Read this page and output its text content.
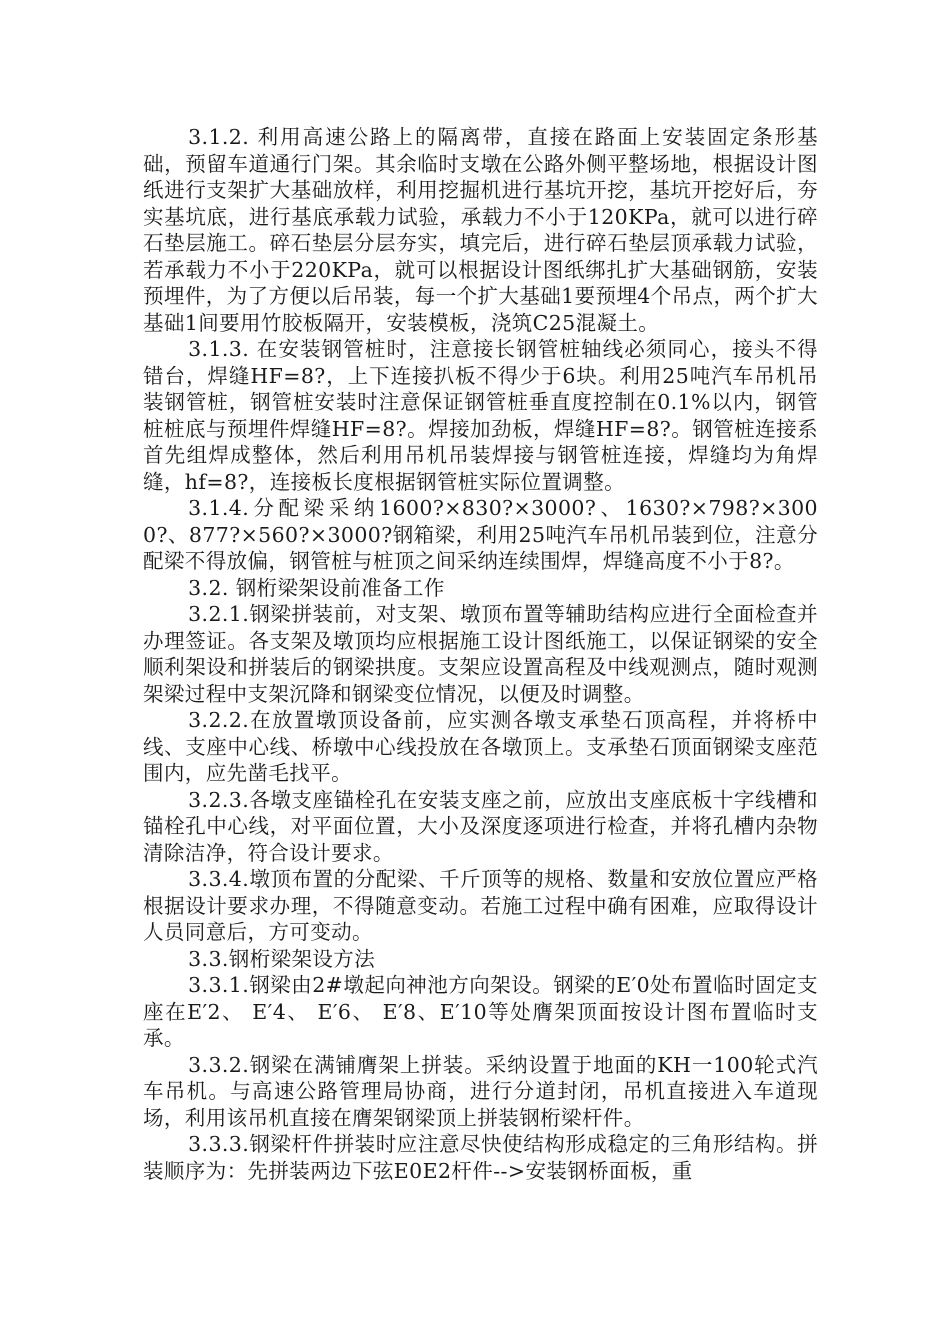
3.1.2. 利用高速公路上的隔离带，直接在路面上安装固定条形基础，预留车道通行门架。其余临时支墩在公路外侧平整场地，根据设计图纸进行支架扩大基础放样，利用挖掘机进行基坑开挖，基坑开挖好后，夯实基坑底，进行基底承载力试验，承载力不小于120KPa，就可以进行碎石垫层施工。碎石垫层分层夯实，填完后，进行碎石垫层顶承载力试验，若承载力不小于220KPa，就可以根据设计图纸绑扎扩大基础钢筋，安装预埋件，为了方便以后吊装，每一个扩大基础1要预埋4个吊点，两个扩大基础1间要用竹胶板隔开，安装模板，浇筑C25混凝土。

3.1.3. 在安装钢管桩时，注意接长钢管桩轴线必须同心，接头不得错台，焊缝HF=8?，上下连接扒板不得少于6块。利用25吨汽车吊机吊装钢管桩，钢管桩安装时注意保证钢管桩垂直度控制在0.1%以内，钢管桩桩底与预埋件焊缝HF=8?。焊接加劲板，焊缝HF=8?。钢管桩连接系首先组焊成整体，然后利用吊机吊装焊接与钢管桩连接，焊缝均为角焊缝，hf=8?，连接板长度根据钢管桩实际位置调整。

3.1.4.分配梁采纳1600?×830?×3000?、1630?×798?×3000?、877?×560?×3000?钢箱梁，利用25吨汽车吊机吊装到位，注意分配梁不得放偏，钢管桩与桩顶之间采纳连续围焊，焊缝高度不小于8?。

3.2. 钢桁梁架设前准备工作

3.2.1.钢梁拼装前，对支架、墩顶布置等辅助结构应进行全面检查并办理签证。各支架及墩顶均应根据施工设计图纸施工，以保证钢梁的安全顺利架设和拼装后的钢梁拱度。支架应设置高程及中线观测点，随时观测架梁过程中支架沉降和钢梁变位情况，以便及时调整。

3.2.2.在放置墩顶设备前，应实测各墩支承垫石顶高程，并将桥中线、支座中心线、桥墩中心线投放在各墩顶上。支承垫石顶面钢梁支座范围内，应先凿毛找平。

3.2.3.各墩支座锚栓孔在安装支座之前，应放出支座底板十字线槽和锚栓孔中心线，对平面位置，大小及深度逐项进行检查，并将孔槽内杂物清除洁净，符合设计要求。

3.3.4.墩顶布置的分配梁、千斤顶等的规格、数量和安放位置应严格根据设计要求办理，不得随意变动。若施工过程中确有困难，应取得设计人员同意后，方可变动。

3.3.钢桁梁架设方法

3.3.1.钢梁由2#墩起向神池方向架设。钢梁的E′0处布置临时固定支座在E′2、 E′4、 E′6、 E′8、E′10等处膺架顶面按设计图布置临时支承。

3.3.2.钢梁在满铺膺架上拼装。采纳设置于地面的KH一100轮式汽车吊机。与高速公路管理局协商，进行分道封闭，吊机直接进入车道现场，利用该吊机直接在膺架钢梁顶上拼装钢桁梁杆件。

3.3.3.钢梁杆件拼装时应注意尽快使结构形成稳定的三角形结构。拼装顺序为：先拼装两边下弦E0E2杆件-->安装钢桥面板，重
